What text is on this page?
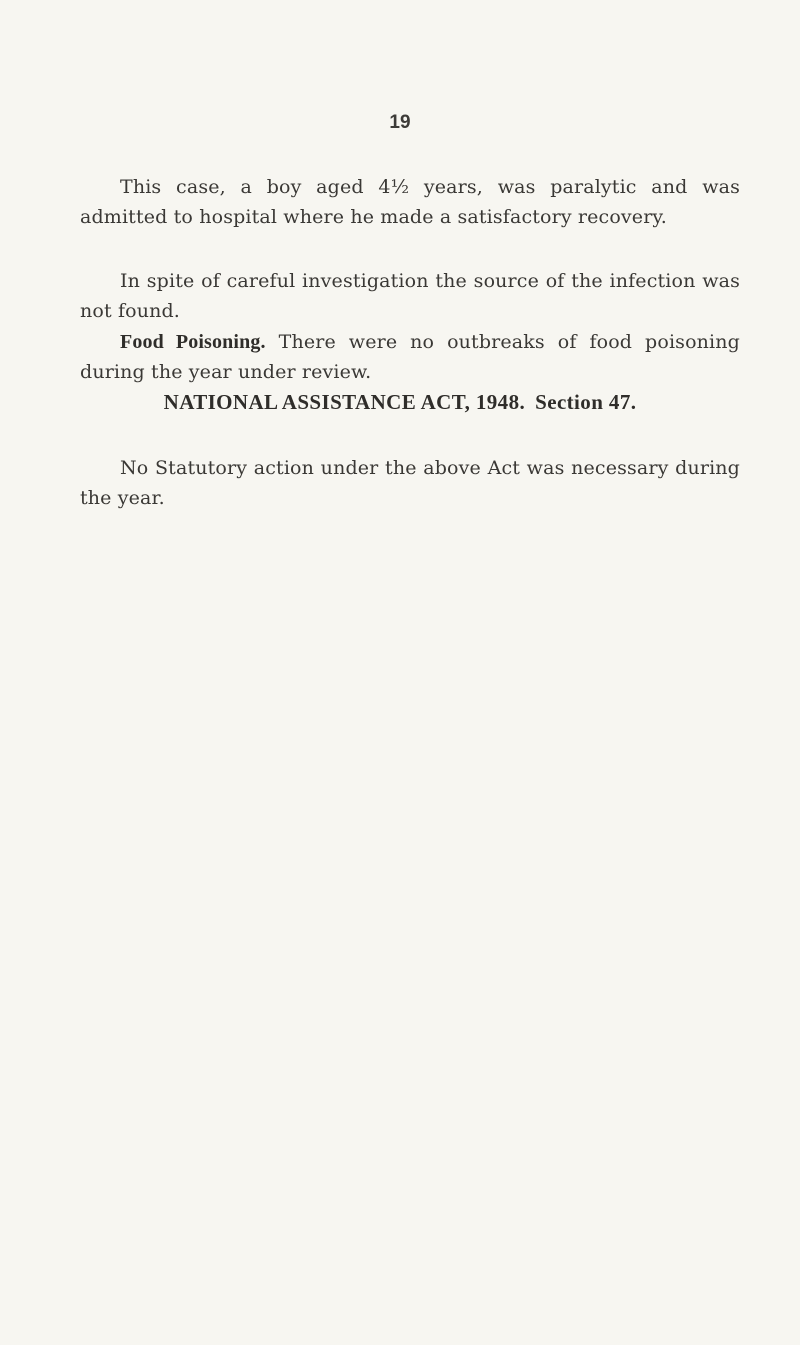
19

This case, a boy aged 4½ years, was paralytic and was admitted to hospital where he made a satisfactory recovery.

In spite of careful investigation the source of the infection was not found.

Food Poisoning. There were no outbreaks of food poisoning during the year under review.

NATIONAL ASSISTANCE ACT, 1948. Section 47.

No Statutory action under the above Act was necessary during the year.
